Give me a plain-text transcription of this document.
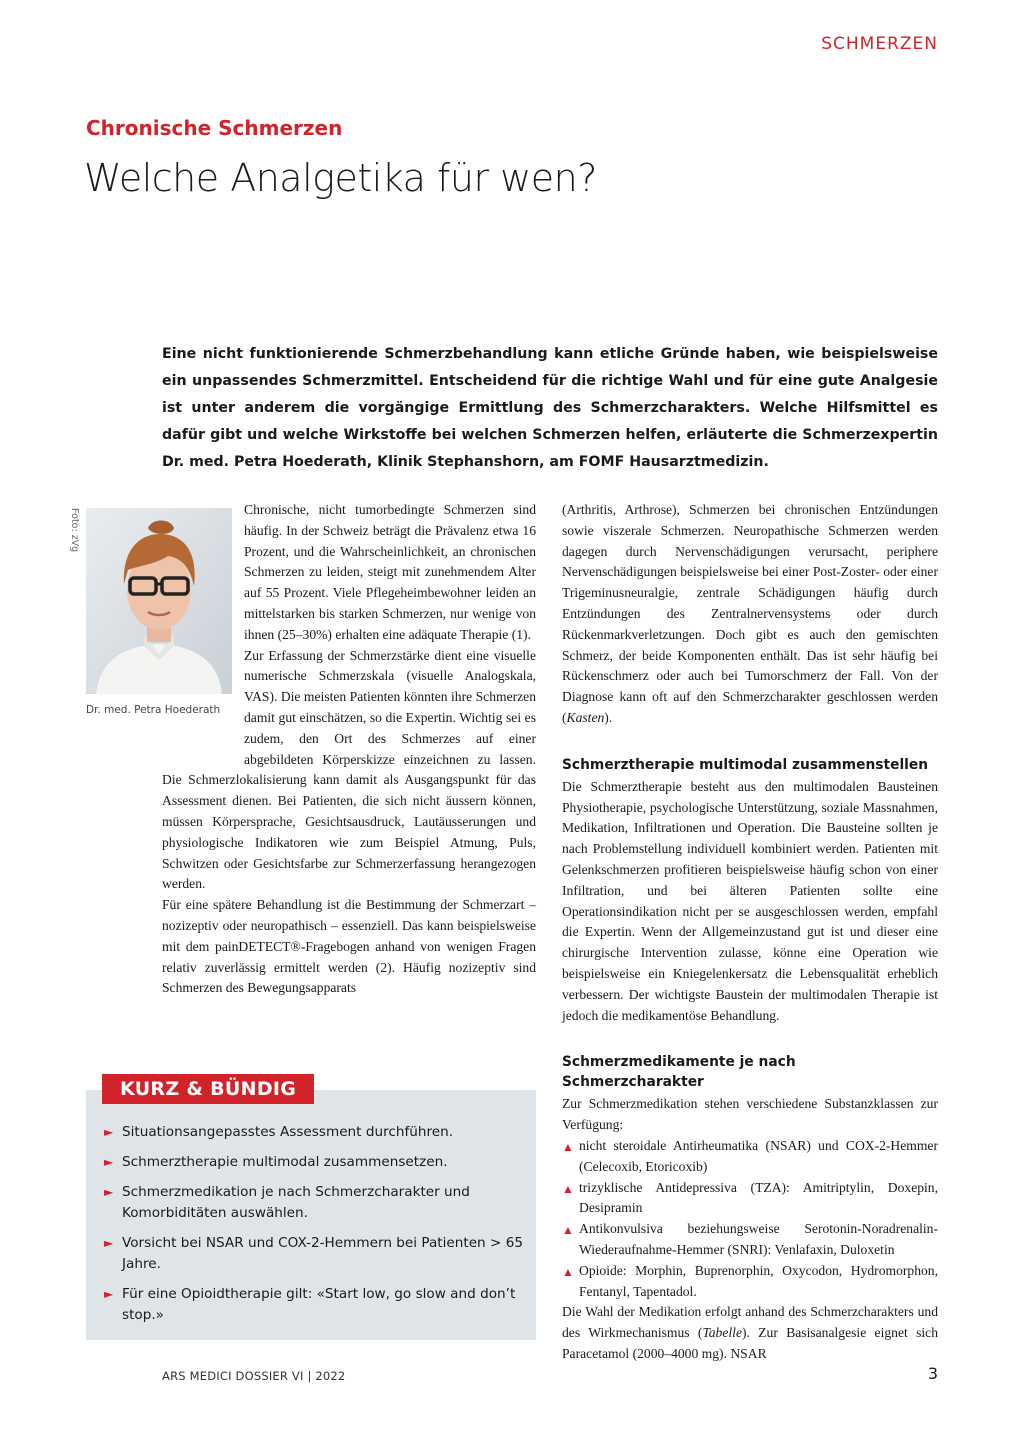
SCHMERZEN
Chronische Schmerzen
Welche Analgetika für wen?
Eine nicht funktionierende Schmerzbehandlung kann etliche Gründe haben, wie beispielsweise ein unpassendes Schmerzmittel. Entscheidend für die richtige Wahl und für eine gute Analgesie ist unter anderem die vorgängige Ermittlung des Schmerzcharakters. Welche Hilfsmittel es dafür gibt und welche Wirkstoffe bei welchen Schmerzen helfen, erläuterte die Schmerzexpertin Dr. med. Petra Hoederath, Klinik Stephanshorn, am FOMF Hausarztmedizin.
Foto: zVg
Dr. med. Petra Hoederath

Chronische, nicht tumorbedingte Schmerzen sind häufig. In der Schweiz beträgt die Prävalenz etwa 16 Prozent, und die Wahrscheinlichkeit, an chronischen Schmerzen zu leiden, steigt mit zunehmendem Alter auf 55 Prozent. Viele Pflegeheimbewohner leiden an mittelstarken bis starken Schmerzen, nur wenige von ihnen (25–30%) erhalten eine adäquate Therapie (1).

Zur Erfassung der Schmerzstärke dient eine visuelle numerische Schmerzskala (visuelle Analogskala, VAS). Die meisten Patienten könnten ihre Schmerzen damit gut einschätzen, so die Expertin. Wichtig sei es zudem, den Ort des Schmerzes auf einer abgebildeten Körperskizze einzeichnen zu lassen. Die Schmerzlokalisierung kann damit als Ausgangspunkt für das Assessment dienen. Bei Patienten, die sich nicht äussern können, müssen Körpersprache, Gesichtsausdruck, Lautäusserungen und physiologische Indikatoren wie zum Beispiel Atmung, Puls, Schwitzen oder Gesichtsfarbe zur Schmerzerfassung herangezogen werden.

Für eine spätere Behandlung ist die Bestimmung der Schmerzart – nozizeptiv oder neuropathisch – essenziell. Das kann beispielsweise mit dem painDETECT®-Fragebogen anhand von wenigen Fragen relativ zuverlässig ermittelt werden (2). Häufig nozizeptiv sind Schmerzen des Bewegungsapparats

(Arthritis, Arthrose), Schmerzen bei chronischen Entzündungen sowie viszerale Schmerzen. Neuropathische Schmerzen werden dagegen durch Nervenschädigungen verursacht, periphere Nervenschädigungen beispielsweise bei einer Post-Zoster- oder einer Trigeminusneuralgie, zentrale Schädigungen häufig durch Entzündungen des Zentralnervensystems oder durch Rückenmarkverletzungen. Doch gibt es auch den gemischten Schmerz, der beide Komponenten enthält. Das ist sehr häufig bei Rückenschmerz oder auch bei Tumorschmerz der Fall. Von der Diagnose kann oft auf den Schmerzcharakter geschlossen werden (Kasten).

Schmerztherapie multimodal zusammenstellen

Die Schmerztherapie besteht aus den multimodalen Bausteinen Physiotherapie, psychologische Unterstützung, soziale Massnahmen, Medikation, Infiltrationen und Operation. Die Bausteine sollten je nach Problemstellung individuell kombiniert werden. Patienten mit Gelenkschmerzen profitieren beispielsweise häufig schon von einer Infiltration, und bei älteren Patienten sollte eine Operationsindikation nicht per se ausgeschlossen werden, empfahl die Expertin. Wenn der Allgemeinzustand gut ist und dieser eine chirurgische Intervention zulasse, könne eine Operation wie beispielsweise ein Kniegelenkersatz die Lebensqualität erheblich verbessern. Der wichtigste Baustein der multimodalen Therapie ist jedoch die medikamentöse Behandlung.

Schmerzmedikamente je nach Schmerzcharakter

Zur Schmerzmedikation stehen verschiedene Substanzklassen zur Verfügung:

▲ nicht steroidale Antirheumatika (NSAR) und COX-2-Hemmer (Celecoxib, Etoricoxib)
▲ trizyklische Antidepressiva (TZA): Amitriptylin, Doxepin, Desipramin
▲ Antikonvulsiva beziehungsweise Serotonin-Noradrenalin-Wiederaufnahme-Hemmer (SNRI): Venlafaxin, Duloxetin
▲ Opioide: Morphin, Buprenorphin, Oxycodon, Hydromorphon, Fentanyl, Tapentadol.

Die Wahl der Medikation erfolgt anhand des Schmerzcharakters und des Wirkmechanismus (Tabelle). Zur Basisanalgesie eignet sich Paracetamol (2000–4000 mg). NSAR

KURZ & BÜNDIG
► Situationsangepasstes Assessment durchführen.
► Schmerztherapie multimodal zusammensetzen.
► Schmerzmedikation je nach Schmerzcharakter und Komorbiditäten auswählen.
► Vorsicht bei NSAR und COX-2-Hemmern bei Patienten > 65 Jahre.
► Für eine Opioidtherapie gilt: «Start low, go slow and don’t stop.»
ARS MEDICI DOSSIER VI | 2022	3
